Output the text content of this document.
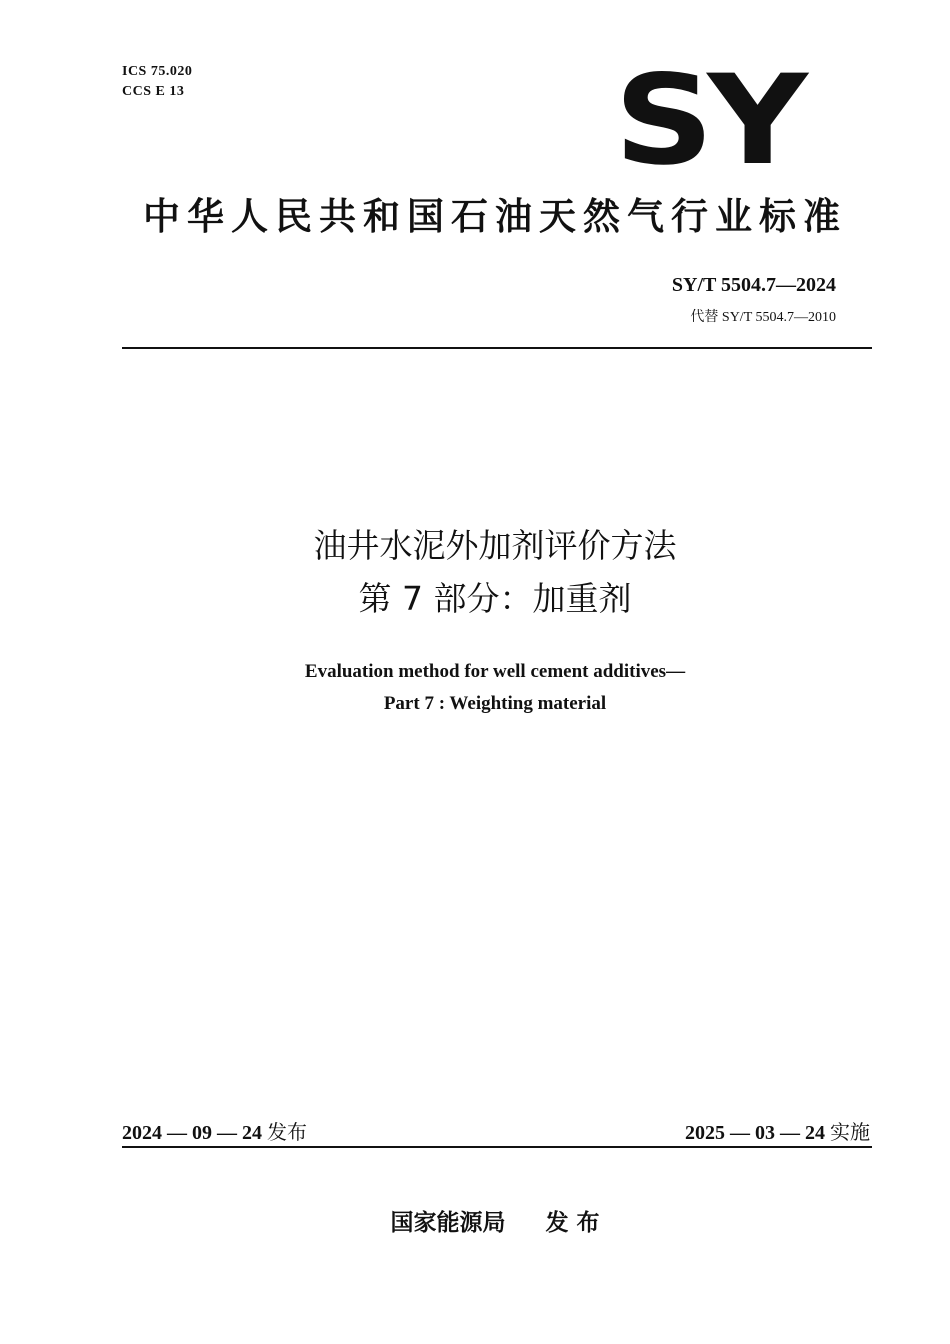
ICS 75.020
CCS E 13	SY
中华人民共和国石油天然气行业标准
SY/T 5504.7—2024
代替 SY/T 5504.7—2010
油井水泥外加剂评价方法
第 7 部分：加重剂
Evaluation method for well cement additives—
Part 7 : Weighting material
2024 — 09 — 24 发布	2025 — 03 — 24 实施
国家能源局 发 布
